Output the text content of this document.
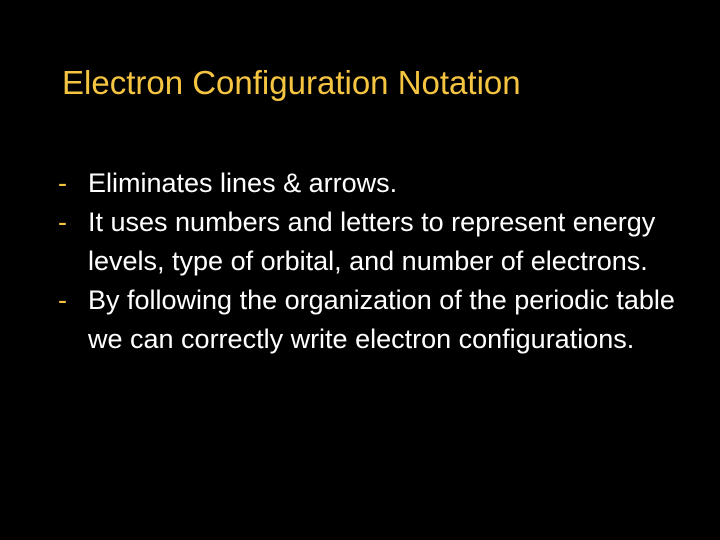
Electron Configuration Notation
- Eliminates lines & arrows.
- It uses numbers and letters to represent energy levels, type of orbital, and number of electrons.
- By following the organization of the periodic table we can correctly write electron configurations.
